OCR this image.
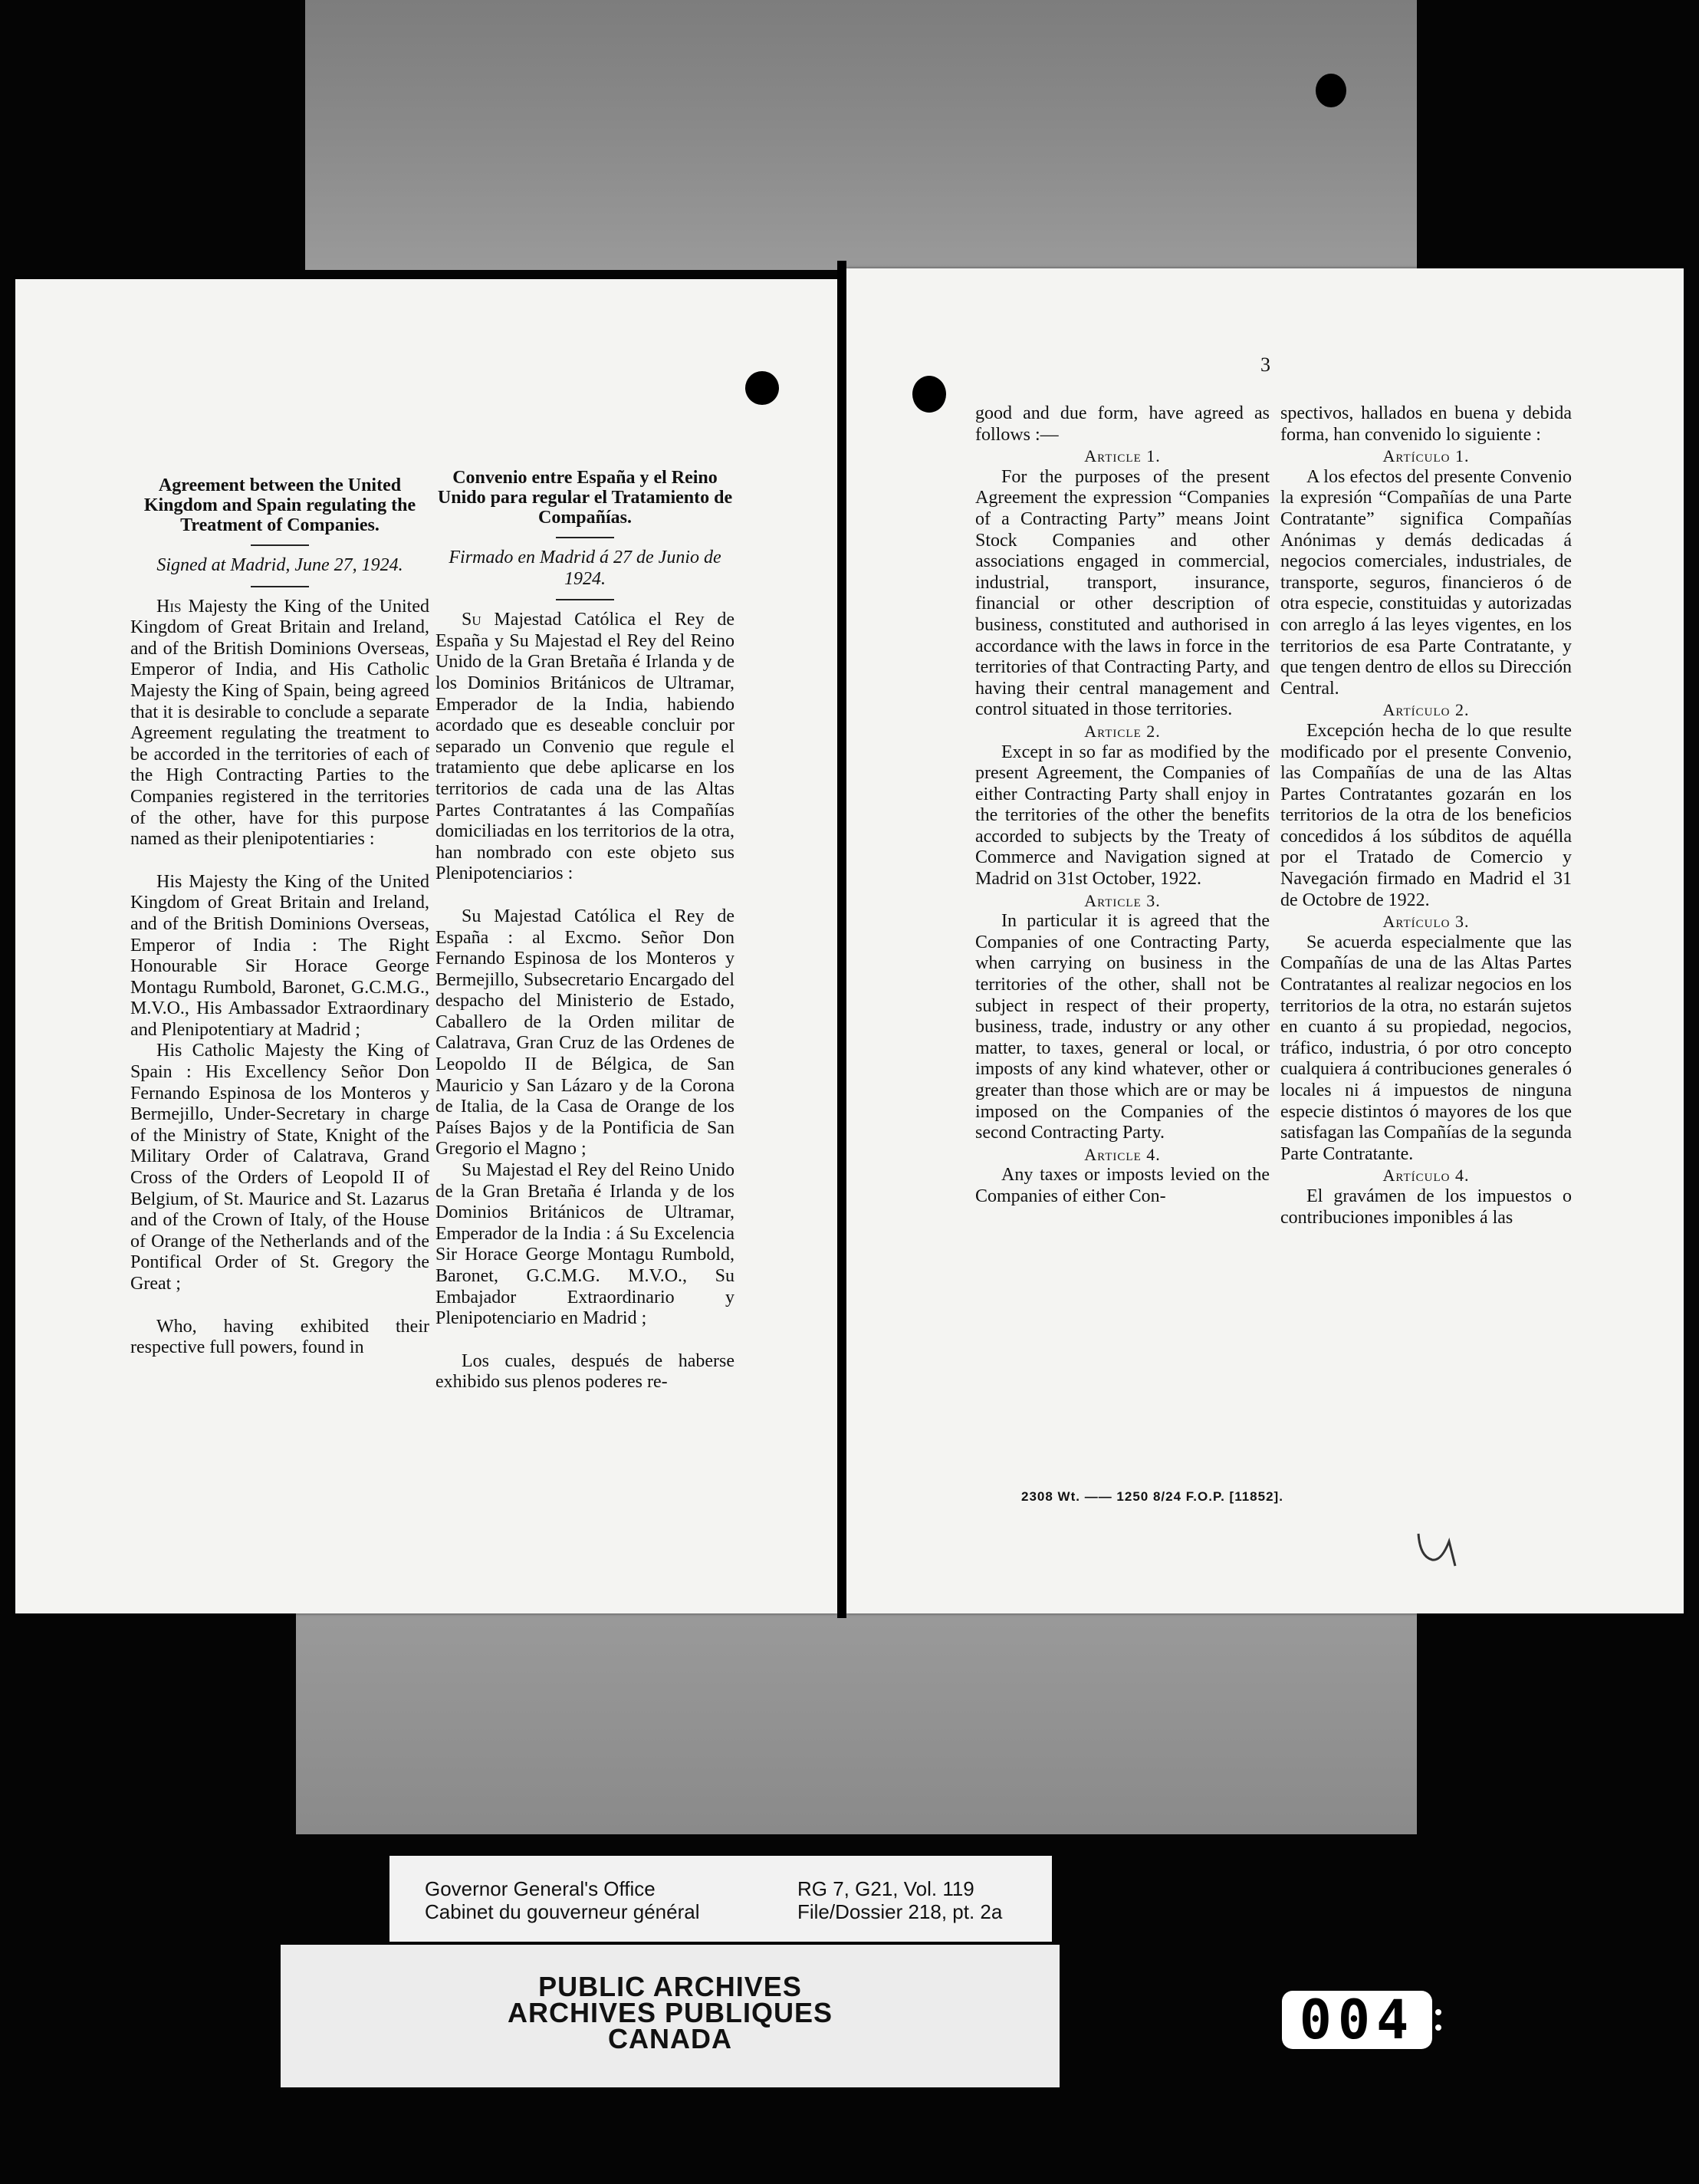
Agreement between the United Kingdom and Spain regulating the Treatment of Companies.

Signed at Madrid, June 27, 1924.

His Majesty the King of the United Kingdom of Great Britain and Ireland, and of the British Dominions Overseas, Emperor of India, and His Catholic Majesty the King of Spain, being agreed that it is desirable to conclude a separate Agreement regulating the treatment to be accorded in the territories of each of the High Contracting Parties to the Companies registered in the territories of the other, have for this purpose named as their plenipotentiaries :

His Majesty the King of the United Kingdom of Great Britain and Ireland, and of the British Dominions Overseas, Emperor of India : The Right Honourable Sir Horace George Montagu Rumbold, Baronet, G.C.M.G., M.V.O., His Ambassador Extraordinary and Plenipotentiary at Madrid ;

His Catholic Majesty the King of Spain : His Excellency Señor Don Fernando Espinosa de los Monteros y Bermejillo, Under-Secretary in charge of the Ministry of State, Knight of the Military Order of Calatrava, Grand Cross of the Orders of Leopold II of Belgium, of St. Maurice and St. Lazarus and of the Crown of Italy, of the House of Orange of the Netherlands and of the Pontifical Order of St. Gregory the Great ;

Who, having exhibited their respective full powers, found in

Convenio entre España y el Reino Unido para regular el Tratamiento de Compañías.

Firmado en Madrid á 27 de Junio de 1924.

Su Majestad Católica el Rey de España y Su Majestad el Rey del Reino Unido de la Gran Bretaña é Irlanda y de los Dominios Británicos de Ultramar, Emperador de la India, habiendo acordado que es deseable concluir por separado un Convenio que regule el tratamiento que debe aplicarse en los territorios de cada una de las Altas Partes Contratantes á las Compañías domiciliadas en los territorios de la otra, han nombrado con este objeto sus Plenipotenciarios :

Su Majestad Católica el Rey de España : al Excmo. Señor Don Fernando Espinosa de los Monteros y Bermejillo, Subsecretario Encargado del despacho del Ministerio de Estado, Caballero de la Orden militar de Calatrava, Gran Cruz de las Ordenes de Leopoldo II de Bélgica, de San Mauricio y San Lázaro y de la Corona de Italia, de la Casa de Orange de los Países Bajos y de la Pontificia de San Gregorio el Magno ;

Su Majestad el Rey del Reino Unido de la Gran Bretaña é Irlanda y de los Dominios Británicos de Ultramar, Emperador de la India : á Su Excelencia Sir Horace George Montagu Rumbold, Baronet, G.C.M.G. M.V.O., Su Embajador Extraordinario y Plenipotenciario en Madrid ;

Los cuales, después de haberse exhibido sus plenos poderes re-

3

good and due form, have agreed as follows :—

Article 1.

For the purposes of the present Agreement the expression “Companies of a Contracting Party” means Joint Stock Companies and other associations engaged in commercial, industrial, transport, insurance, financial or other description of business, constituted and authorised in accordance with the laws in force in the territories of that Contracting Party, and having their central management and control situated in those territories.

Article 2.

Except in so far as modified by the present Agreement, the Companies of either Contracting Party shall enjoy in the territories of the other the benefits accorded to subjects by the Treaty of Commerce and Navigation signed at Madrid on 31st October, 1922.

Article 3.

In particular it is agreed that the Companies of one Contracting Party, when carrying on business in the territories of the other, shall not be subject in respect of their property, business, trade, industry or any other matter, to taxes, general or local, or imposts of any kind whatever, other or greater than those which are or may be imposed on the Companies of the second Contracting Party.

Article 4.

Any taxes or imposts levied on the Companies of either Con-

spectivos, hallados en buena y debida forma, han convenido lo siguiente :

Artículo 1.

A los efectos del presente Convenio la expresión “Compañías de una Parte Contratante” significa Compañías Anónimas y demás dedicadas á negocios comerciales, industriales, de transporte, seguros, financieros ó de otra especie, constituidas y autorizadas con arreglo á las leyes vigentes, en los territorios de esa Parte Contratante, y que tengen dentro de ellos su Dirección Central.

Artículo 2.

Excepción hecha de lo que resulte modificado por el presente Convenio, las Compañías de una de las Altas Partes Contratantes gozarán en los territorios de la otra de los beneficios concedidos á los súbditos de aquélla por el Tratado de Comercio y Navegación firmado en Madrid el 31 de Octobre de 1922.

Artículo 3.

Se acuerda especialmente que las Compañías de una de las Altas Partes Contratantes al realizar negocios en los territorios de la otra, no estarán sujetos en cuanto á su propiedad, negocios, tráfico, industria, ó por otro concepto cualquiera á contribuciones generales ó locales ni á impuestos de ninguna especie distintos ó mayores de los que satisfagan las Compañías de la segunda Parte Contratante.

Artículo 4.

El gravámen de los impuestos o contribuciones imponibles á las

2308 Wt. —— 1250 8/24 F.O.P. [11852].
Governor General's Office
Cabinet du gouverneur général
RG 7, G21, Vol. 119
File/Dossier 218, pt. 2a
PUBLIC ARCHIVES
ARCHIVES PUBLIQUES
CANADA	004
